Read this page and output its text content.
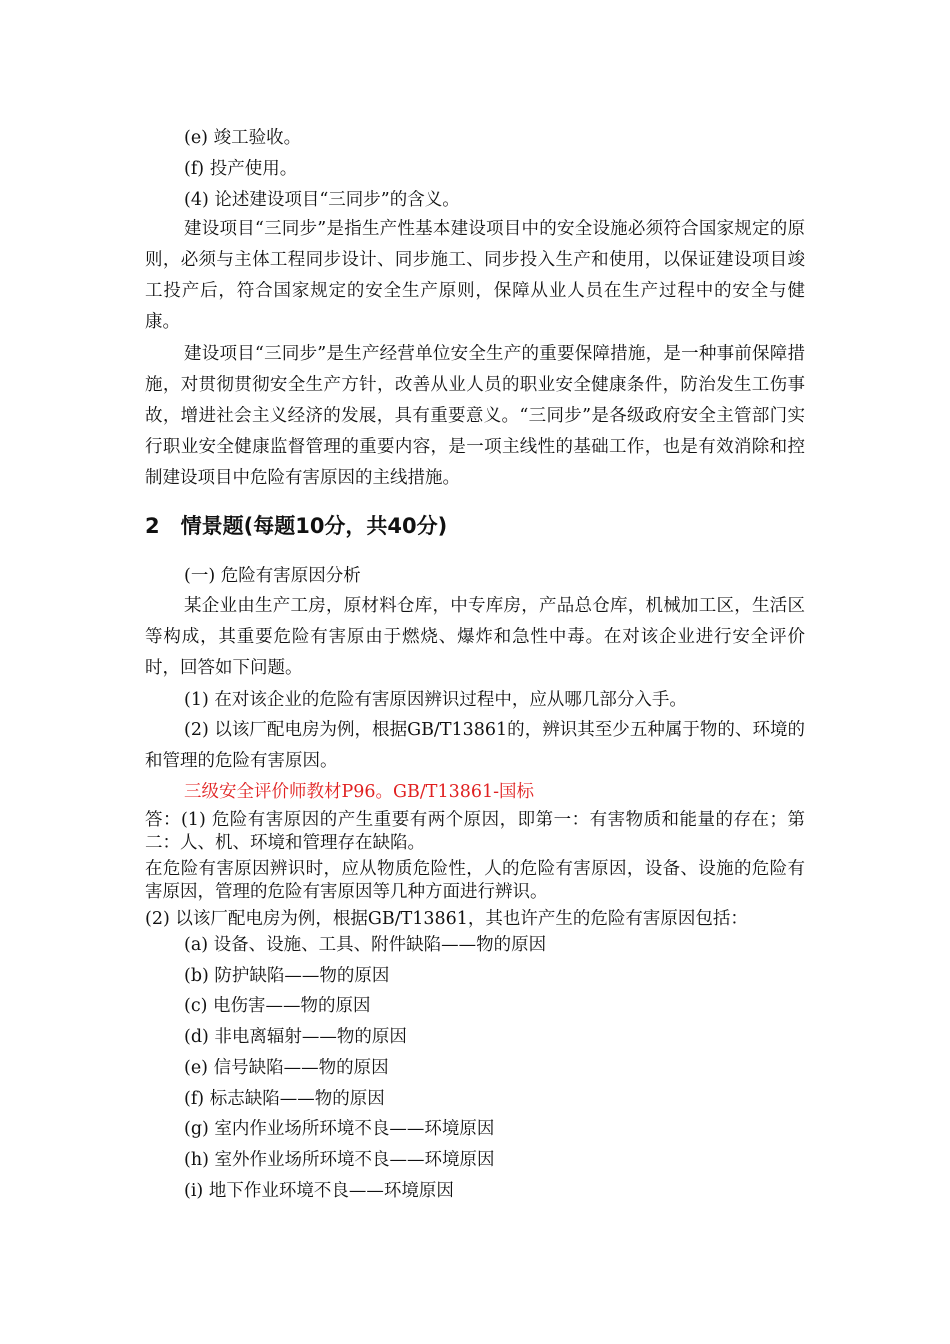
(e) 竣工验收。
(f) 投产使用。
(4) 论述建设项目“三同步”的含义。

建设项目“三同步”是指生产性基本建设项目中的安全设施必须符合国家规定的原则，必须与主体工程同步设计、同步施工、同步投入生产和使用，以保证建设项目竣工投产后，符合国家规定的安全生产原则，保障从业人员在生产过程中的安全与健康。

建设项目“三同步”是生产经营单位安全生产的重要保障措施，是一种事前保障措施，对贯彻贯彻安全生产方针，改善从业人员的职业安全健康条件，防治发生工伤事故，增进社会主义经济的发展，具有重要意义。“三同步”是各级政府安全主管部门实行职业安全健康监督管理的重要内容，是一项主线性的基础工作，也是有效消除和控制建设项目中危险有害原因的主线措施。

2　情景题(每题10分，共40分)
(一) 危险有害原因分析

某企业由生产工房，原材料仓库，中专库房，产品总仓库，机械加工区，生活区等构成，其重要危险有害原由于燃烧、爆炸和急性中毒。在对该企业进行安全评价时，回答如下问题。

(1) 在对该企业的危险有害原因辨识过程中，应从哪几部分入手。

(2) 以该厂配电房为例，根据GB/T13861的，辨识其至少五种属于物的、环境的和管理的危险有害原因。

三级安全评价师教材P96。GB/T13861-国标

答：(1) 危险有害原因的产生重要有两个原因，即第一：有害物质和能量的存在；第二：人、机、环境和管理存在缺陷。

在危险有害原因辨识时，应从物质危险性，人的危险有害原因，设备、设施的危险有害原因，管理的危险有害原因等几种方面进行辨识。

(2) 以该厂配电房为例，根据GB/T13861，其也许产生的危险有害原因包括：
(a) 设备、设施、工具、附件缺陷——物的原因
(b) 防护缺陷——物的原因
(c) 电伤害——物的原因
(d) 非电离辐射——物的原因
(e) 信号缺陷——物的原因
(f) 标志缺陷——物的原因
(g) 室内作业场所环境不良——环境原因
(h) 室外作业场所环境不良——环境原因
(i) 地下作业环境不良——环境原因
